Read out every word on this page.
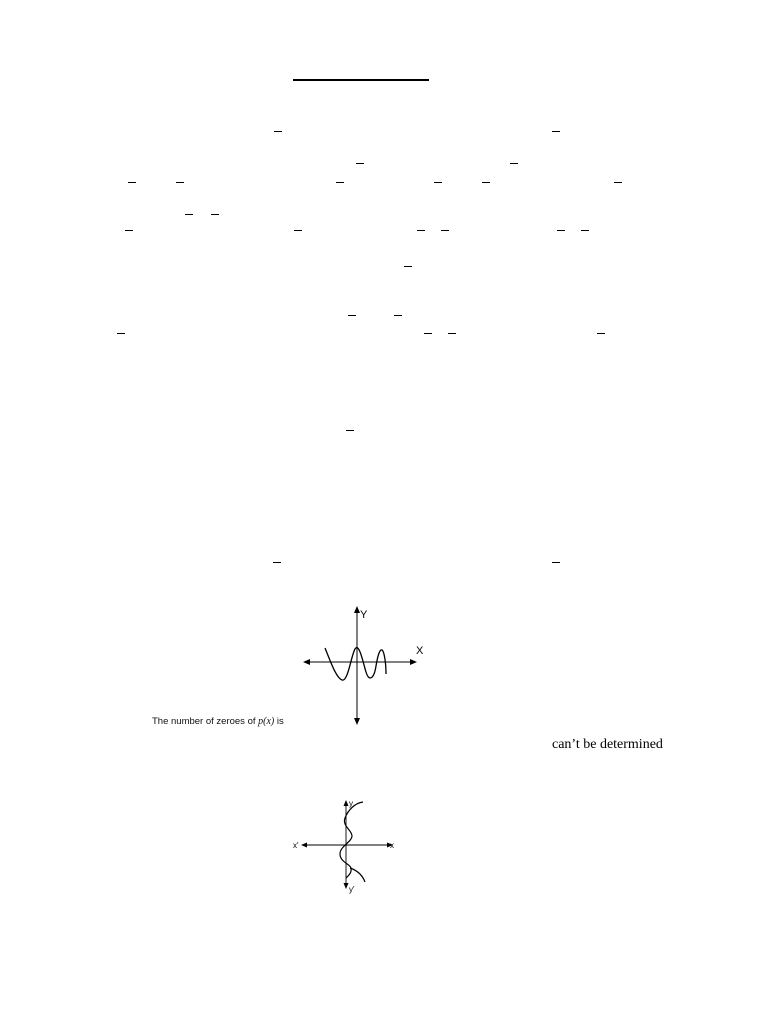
Y
X
The number of zeroes of p(x) is
can’t be determined
y
y'
x
x'
